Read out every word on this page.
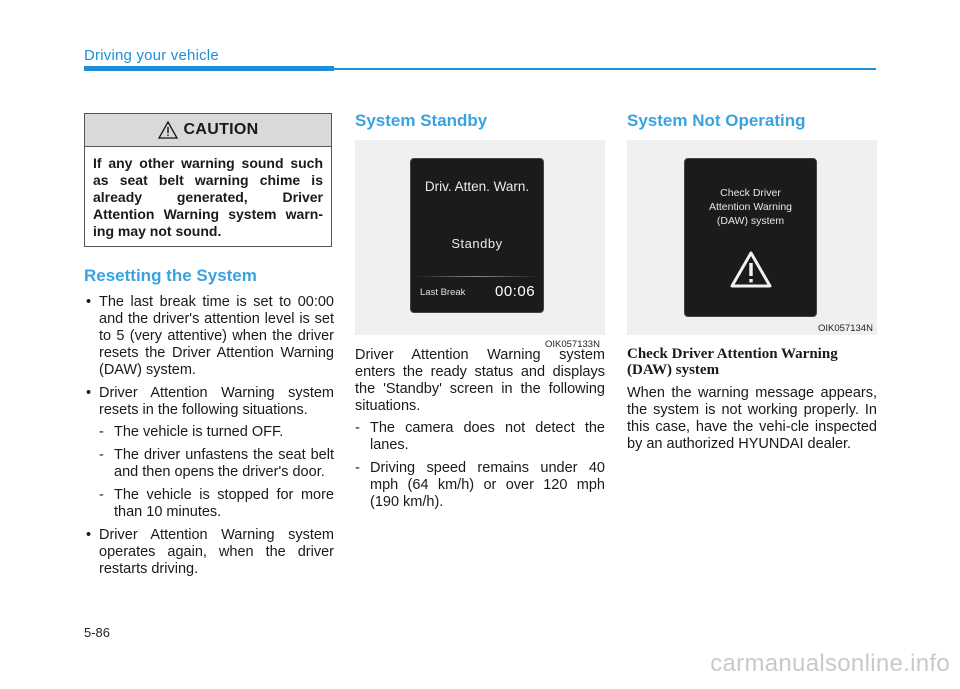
Driving your vehicle
CAUTION
If any other warning sound such as seat belt warning chime is already generated, Driver Attention Warning system warn-ing may not sound.
Resetting the System
• The last break time is set to 00:00 and the driver's attention level is set to 5 (very attentive) when the driver resets the Driver Attention Warning (DAW) system.
• Driver Attention Warning system resets in the following situations.
- The vehicle is turned OFF.
- The driver unfastens the seat belt and then opens the driver's door.
- The vehicle is stopped for more than 10 minutes.
• Driver Attention Warning system operates again, when the driver restarts driving.
System Standby
Driv. Atten. Warn.
Standby
Last Break 00:06
OIK057133N

Driver Attention Warning system enters the ready status and displays the 'Standby' screen in the following situations.

- The camera does not detect the lanes.
- Driving speed remains under 40 mph (64 km/h) or over 120 mph (190 km/h).
System Not Operating
Check Driver
Attention Warning
(DAW) system
OIK057134N
Check Driver Attention Warning (DAW) system

When the warning message appears, the system is not working properly. In this case, have the vehi-cle inspected by an authorized HYUNDAI dealer.

5-86
carmanualsonline.info
